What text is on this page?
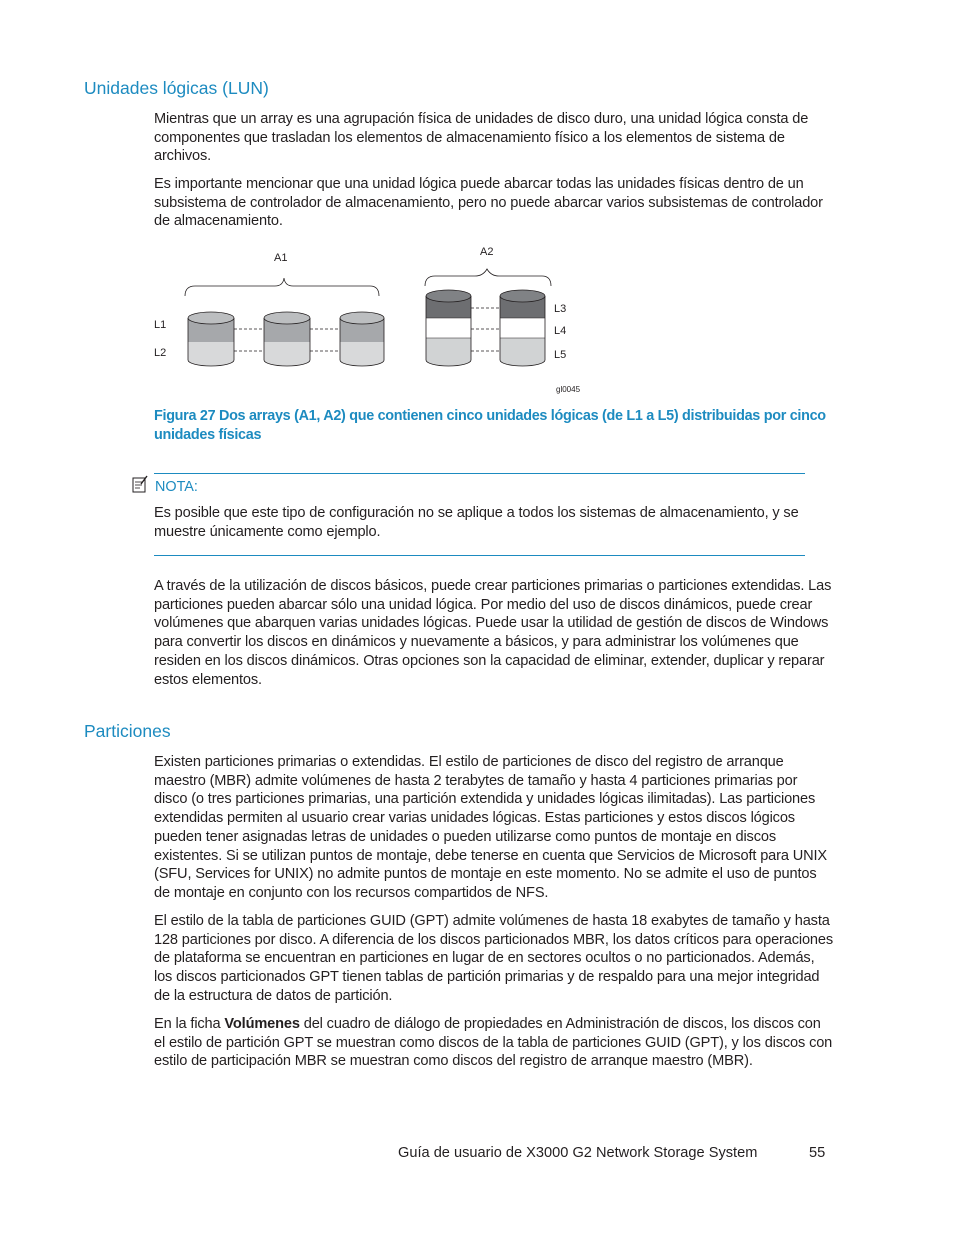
Unidades lógicas (LUN)

Mientras que un array es una agrupación física de unidades de disco duro, una unidad lógica consta de componentes que trasladan los elementos de almacenamiento físico a los elementos de sistema de archivos.

Es importante mencionar que una unidad lógica puede abarcar todas las unidades físicas dentro de un subsistema de controlador de almacenamiento, pero no puede abarcar varios subsistemas de controlador de almacenamiento.

A1	A2
L1
L2
L3
L4
L5
gl0045

Figura 27 Dos arrays (A1, A2) que contienen cinco unidades lógicas (de L1 a L5) distribuidas por cinco unidades físicas

NOTA:

Es posible que este tipo de configuración no se aplique a todos los sistemas de almacenamiento, y se muestre únicamente como ejemplo.

A través de la utilización de discos básicos, puede crear particiones primarias o particiones extendidas. Las particiones pueden abarcar sólo una unidad lógica. Por medio del uso de discos dinámicos, puede crear volúmenes que abarquen varias unidades lógicas. Puede usar la utilidad de gestión de discos de Windows para convertir los discos en dinámicos y nuevamente a básicos, y para administrar los volúmenes que residen en los discos dinámicos. Otras opciones son la capacidad de eliminar, extender, duplicar y reparar estos elementos.

Particiones

Existen particiones primarias o extendidas. El estilo de particiones de disco del registro de arranque maestro (MBR) admite volúmenes de hasta 2 terabytes de tamaño y hasta 4 particiones primarias por disco (o tres particiones primarias, una partición extendida y unidades lógicas ilimitadas). Las particiones extendidas permiten al usuario crear varias unidades lógicas. Estas particiones y estos discos lógicos pueden tener asignadas letras de unidades o pueden utilizarse como puntos de montaje en discos existentes. Si se utilizan puntos de montaje, debe tenerse en cuenta que Servicios de Microsoft para UNIX (SFU, Services for UNIX) no admite puntos de montaje en este momento. No se admite el uso de puntos de montaje en conjunto con los recursos compartidos de NFS.

El estilo de la tabla de particiones GUID (GPT) admite volúmenes de hasta 18 exabytes de tamaño y hasta 128 particiones por disco. A diferencia de los discos particionados MBR, los datos críticos para operaciones de plataforma se encuentran en particiones en lugar de en sectores ocultos o no particionados. Además, los discos particionados GPT tienen tablas de partición primarias y de respaldo para una mejor integridad de la estructura de datos de partición.

En la ficha Volúmenes del cuadro de diálogo de propiedades en Administración de discos, los discos con el estilo de partición GPT se muestran como discos de la tabla de particiones GUID (GPT), y los discos con estilo de participación MBR se muestran como discos del registro de arranque maestro (MBR).

Guía de usuario de X3000 G2 Network Storage System	55
